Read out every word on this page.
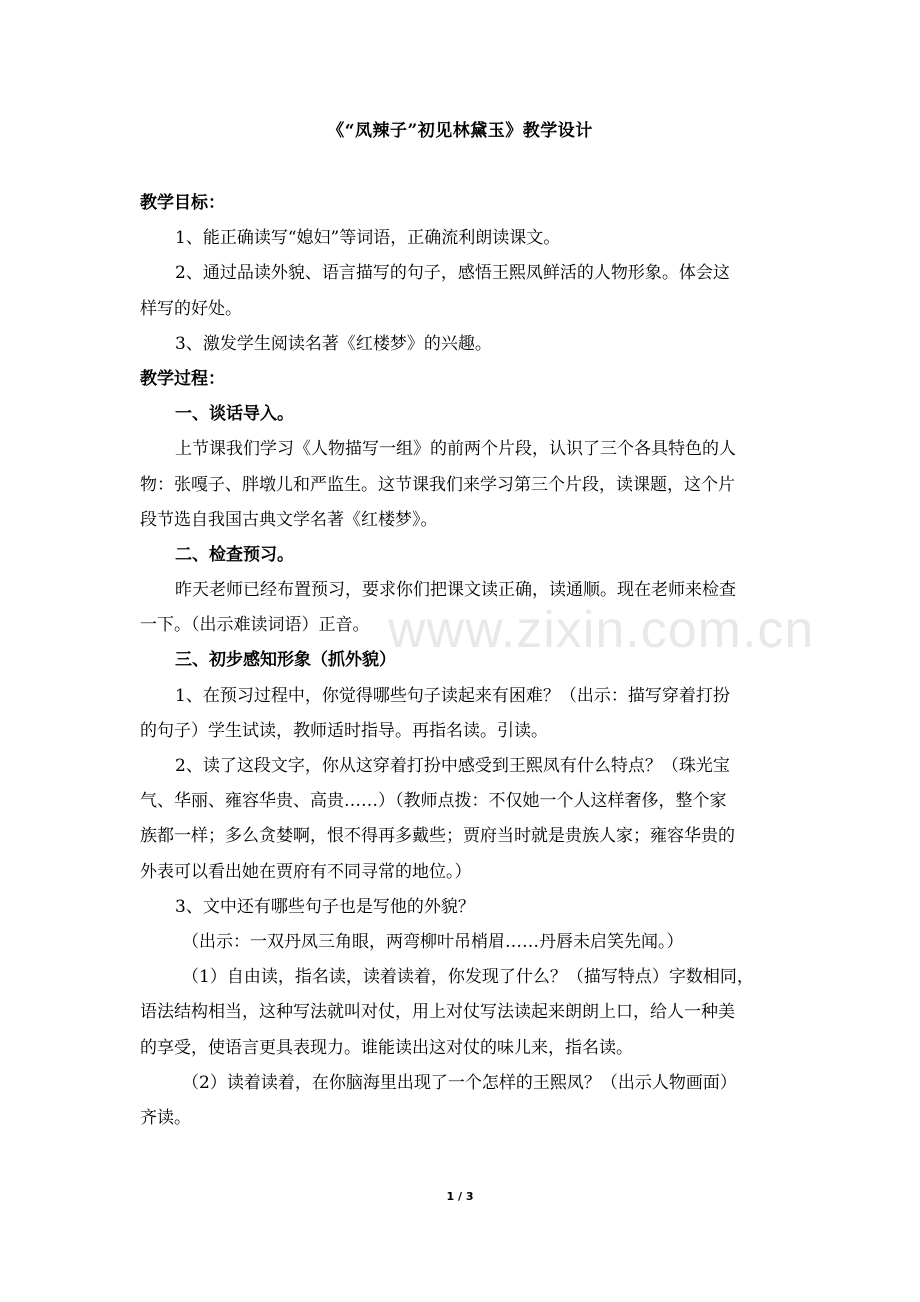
《“凤辣子”初见林黛玉》教学设计
教学目标：
1、能正确读写“媳妇”等词语，正确流利朗读课文。
2、通过品读外貌、语言描写的句子，感悟王熙凤鲜活的人物形象。体会这
样写的好处。
3、激发学生阅读名著《红楼梦》的兴趣。
教学过程：
一、谈话导入。
上节课我们学习《人物描写一组》的前两个片段，认识了三个各具特色的人
物：张嘎子、胖墩儿和严监生。这节课我们来学习第三个片段，读课题，这个片
段节选自我国古典文学名著《红楼梦》。
二、检查预习。
昨天老师已经布置预习，要求你们把课文读正确，读通顺。现在老师来检查
一下。（出示难读词语）正音。
三、初步感知形象（抓外貌）
1、在预习过程中，你觉得哪些句子读起来有困难？（出示：描写穿着打扮
的句子）学生试读，教师适时指导。再指名读。引读。
2、读了这段文字，你从这穿着打扮中感受到王熙凤有什么特点？（珠光宝
气、华丽、雍容华贵、高贵……）（教师点拨：不仅她一个人这样奢侈，整个家
族都一样；多么贪婪啊，恨不得再多戴些；贾府当时就是贵族人家；雍容华贵的
外表可以看出她在贾府有不同寻常的地位。）
3、文中还有哪些句子也是写他的外貌？
（出示：一双丹凤三角眼，两弯柳叶吊梢眉……丹唇未启笑先闻。）
（1）自由读，指名读，读着读着，你发现了什么？（描写特点）字数相同，
语法结构相当，这种写法就叫对仗，用上对仗写法读起来朗朗上口，给人一种美
的享受，使语言更具表现力。谁能读出这对仗的味儿来，指名读。
（2）读着读着，在你脑海里出现了一个怎样的王熙凤？（出示人物画面）
齐读。
www.zixin.com.cn
1 / 3
